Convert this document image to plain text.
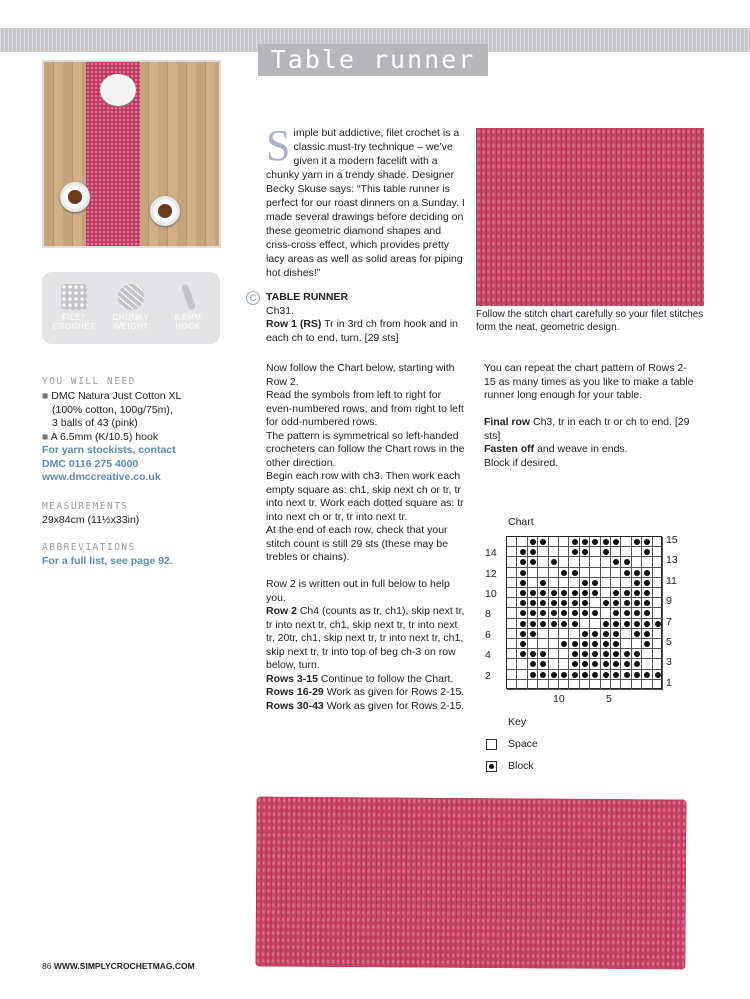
Table runner
FILET
CROCHET
CHUNKY
WEIGHT
6.5MM
HOOK
YOU WILL NEED
■ DMC Natura Just Cotton XL
(100% cotton, 100g/75m),
3 balls of 43 (pink)
■ A 6.5mm (K/10.5) hook
For yarn stockists, contact
DMC 0116 275 4000
www.dmccreative.co.uk
MEASUREMENTS
29x84cm (11½x33in)
ABBREVIATIONS
For a full list, see page 92.
Simple but addictive, filet crochet is a classic must-try technique – we’ve given it a modern facelift with a chunky yarn in a trendy shade. Designer Becky Skuse says: “This table runner is perfect for our roast dinners on a Sunday. I made several drawings before deciding on these geometric diamond shapes and criss-cross effect, which provides pretty lacy areas as well as solid areas for piping hot dishes!”
Follow the stitch chart carefully so your filet stitches form the neat, geometric design.
C TABLE RUNNER
Ch31.
Row 1 (RS) Tr in 3rd ch from hook and in each ch to end, turn. [29 sts]
Now follow the Chart below, starting with Row 2.
Read the symbols from left to right for even-numbered rows, and from right to left for odd-numbered rows.
The pattern is symmetrical so left-handed crocheters can follow the Chart rows in the other direction.
Begin each row with ch3. Then work each empty square as: ch1, skip next ch or tr, tr into next tr. Work each dotted square as: tr into next ch or tr, tr into next tr.
At the end of each row, check that your stitch count is still 29 sts (these may be trebles or chains).
Row 2 is written out in full below to help you.
Row 2 Ch4 (counts as tr, ch1), skip next tr, tr into next tr, ch1, skip next tr, tr into next tr, 20tr, ch1, skip next tr, tr into next tr, ch1, skip next tr, tr into top of beg ch-3 on row below, turn.
Rows 3-15 Continue to follow the Chart.
Rows 16-29 Work as given for Rows 2-15.
Rows 30-43 Work as given for Rows 2-15.
You can repeat the chart pattern of Rows 2-15 as many times as you like to make a table runner long enough for your table.
Final row Ch3, tr in each tr or ch to end. [29 sts]
Fasten off and weave in ends.
Block if desired.
Chart
14
12
10
8
6
4
2
15
13
11
9
7
5
3
1
10	5
Key
Space
Block
86 WWW.SIMPLYCROCHETMAG.COM
